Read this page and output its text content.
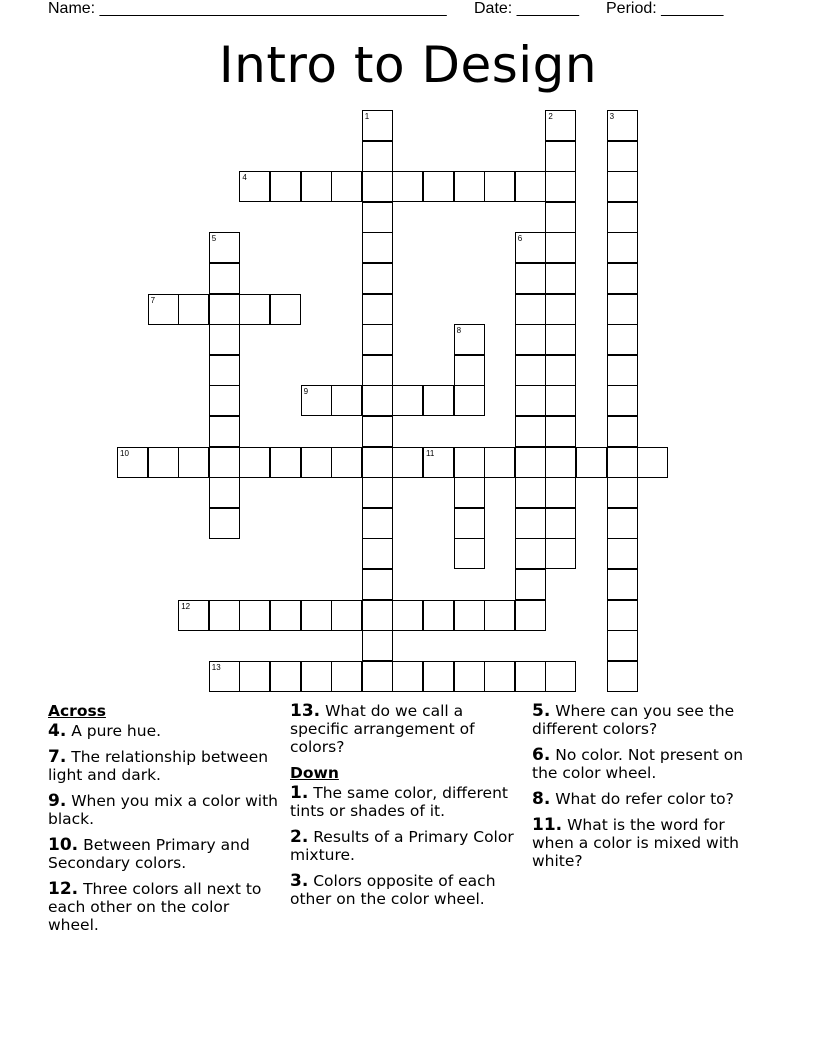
Name: _______________________________________ Date: _______ Period: _______
Intro to Design
1	2	3
4
5	6
7
8
9
10	11
12
13
Across
4. A pure hue.
7. The relationship between light and dark.
9. When you mix a color with black.
10. Between Primary and Secondary colors.
12. Three colors all next to each other on the color wheel.
13. What do we call a specific arrangement of colors?
Down
1. The same color, different tints or shades of it.
2. Results of a Primary Color mixture.
3. Colors opposite of each other on the color wheel.
5. Where can you see the different colors?
6. No color. Not present on the color wheel.
8. What do refer color to?
11. What is the word for when a color is mixed with white?
